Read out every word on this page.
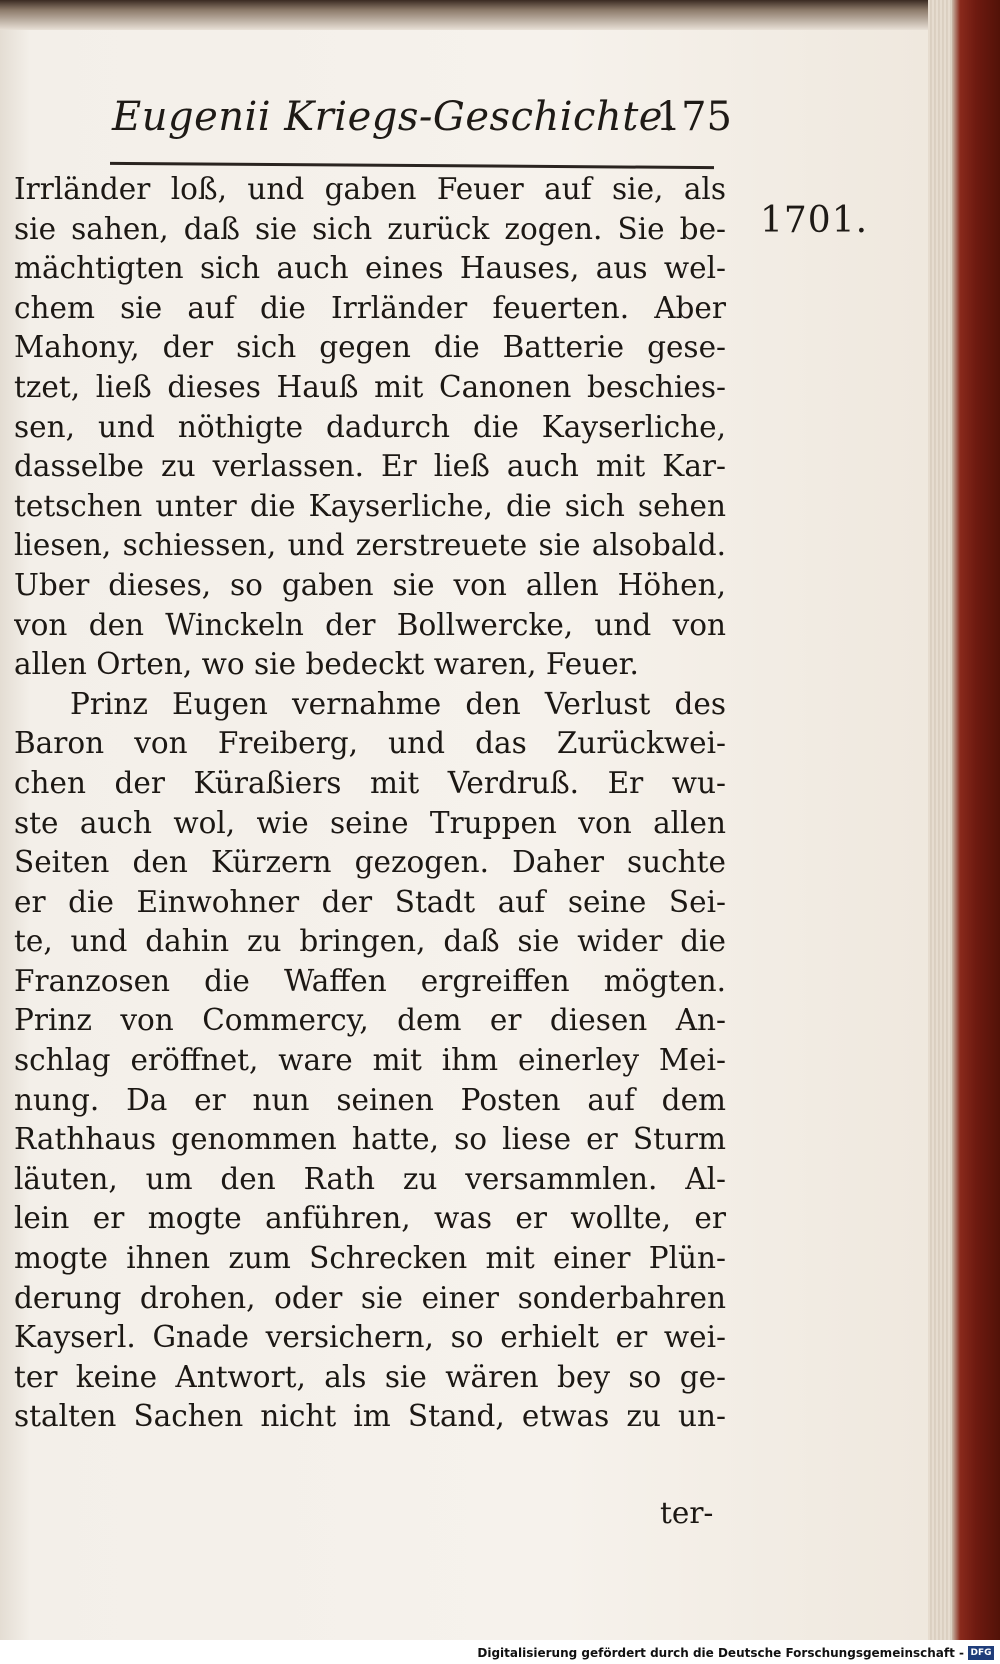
Eugenii Kriegs-Geschichte.
175
1701.
Irrländer loß, und gaben Feuer auf sie, als
sie sahen, daß sie sich zurück zogen. Sie be-
mächtigten sich auch eines Hauses, aus wel-
chem sie auf die Irrländer feuerten. Aber
Mahony, der sich gegen die Batterie gese-
tzet, ließ dieses Hauß mit Canonen beschies-
sen, und nöthigte dadurch die Kayserliche,
dasselbe zu verlassen. Er ließ auch mit Kar-
tetschen unter die Kayserliche, die sich sehen
liesen, schiessen, und zerstreuete sie alsobald.
Uber dieses, so gaben sie von allen Höhen,
von den Winckeln der Bollwercke, und von
allen Orten, wo sie bedeckt waren, Feuer.
Prinz Eugen vernahme den Verlust des
Baron von Freiberg, und das Zurückwei-
chen der Küraßiers mit Verdruß. Er wu-
ste auch wol, wie seine Truppen von allen
Seiten den Kürzern gezogen. Daher suchte
er die Einwohner der Stadt auf seine Sei-
te, und dahin zu bringen, daß sie wider die
Franzosen die Waffen ergreiffen mögten.
Prinz von Commercy, dem er diesen An-
schlag eröffnet, ware mit ihm einerley Mei-
nung. Da er nun seinen Posten auf dem
Rathhaus genommen hatte, so liese er Sturm
läuten, um den Rath zu versammlen. Al-
lein er mogte anführen, was er wollte, er
mogte ihnen zum Schrecken mit einer Plün-
derung drohen, oder sie einer sonderbahren
Kayserl. Gnade versichern, so erhielt er wei-
ter keine Antwort, als sie wären bey so ge-
stalten Sachen nicht im Stand, etwas zu un-
ter-
Digitalisierung gefördert durch die Deutsche Forschungsgemeinschaft - DFG
